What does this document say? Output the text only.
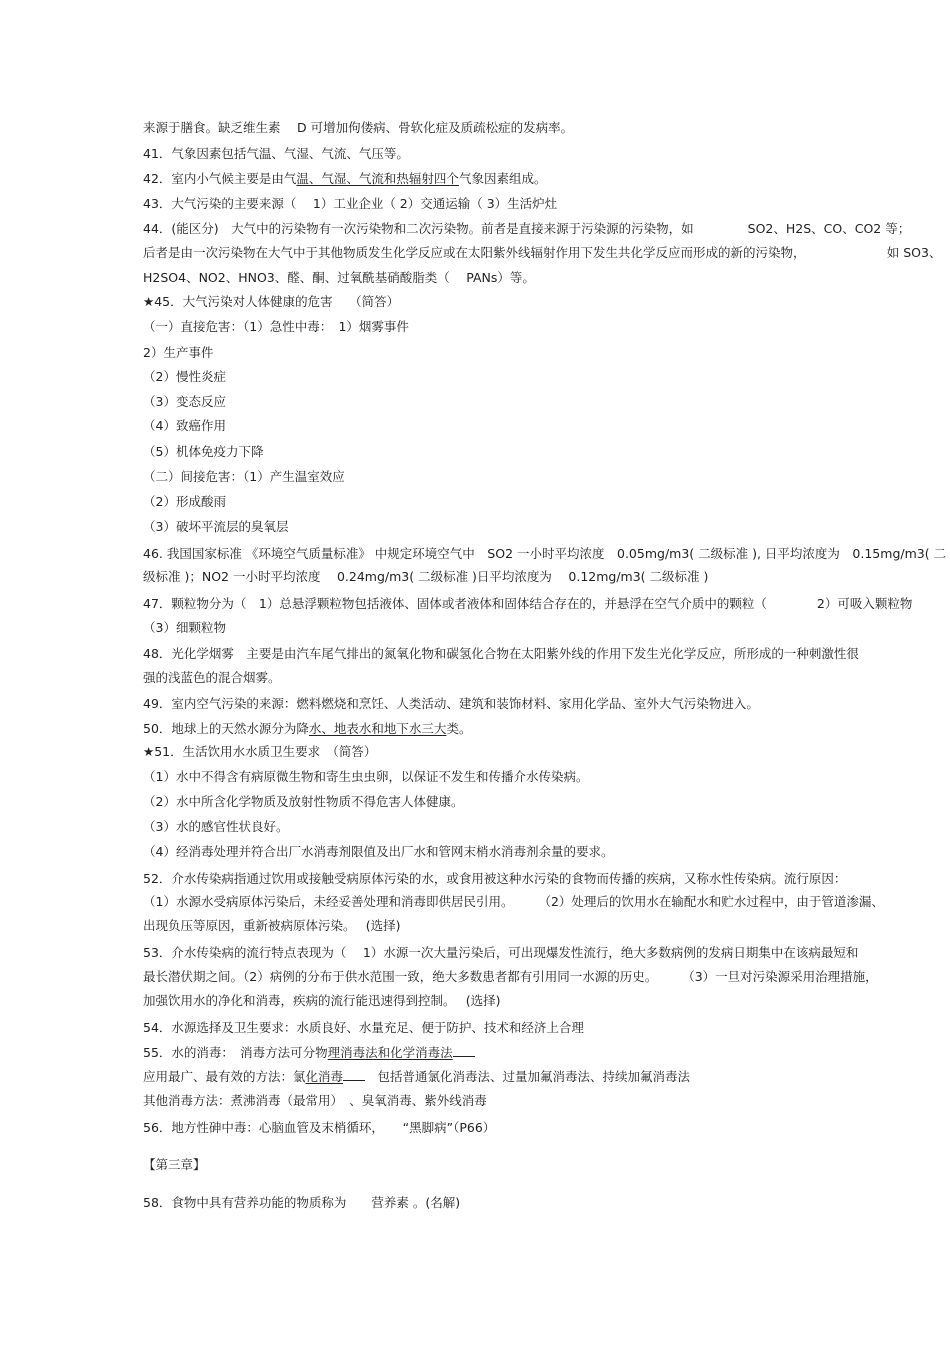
来源于膳食。缺乏维生素　 D 可增加佝偻病、骨软化症及质疏松症的发病率。
41．气象因素包括气温、气湿、气流、气压等。
42．室内小气候主要是由气温、气湿、气流和热辐射四个气象因素组成。
43．大气污染的主要来源（　 1）工业企业（ 2）交通运输（ 3）生活炉灶
44．(能区分)　大气中的污染物有一次污染物和二次污染物。前者是直接来源于污染源的污染物，如　　　　 SO2、H2S、CO、CO2 等；
后者是由一次污染物在大气中于其他物质发生化学反应或在太阳紫外线辐射作用下发生共化学反应而形成的新的污染物，　　　　　　　如 SO3、
H2SO4、NO2、HNO3、醛、酮、过氧酰基硝酸脂类（　 PANs）等。
★45．大气污染对人体健康的危害　 （简答）
（一）直接危害：（1）急性中毒：　1）烟雾事件
2）生产事件
（2）慢性炎症
（3）变态反应
（4）致癌作用
（5）机体免疫力下降
（二）间接危害：（1）产生温室效应
（2）形成酸雨
（3）破坏平流层的臭氧层
46. 我国国家标准 《环境空气质量标准》 中规定环境空气中　SO2 一小时平均浓度　0.05mg/m3( 二级标准 ), 日平均浓度为　0.15mg/m3( 二
级标准 )；NO2 一小时平均浓度　 0.24mg/m3( 二级标准 )日平均浓度为　 0.12mg/m3( 二级标准 )
47．颗粒物分为（　1）总悬浮颗粒物包括液体、固体或者液体和固体结合存在的，并悬浮在空气介质中的颗粒（　　　　2）可吸入颗粒物
（3）细颗粒物
48．光化学烟雾　主要是由汽车尾气排出的氮氧化物和碳氢化合物在太阳紫外线的作用下发生光化学反应，所形成的一种刺激性很
强的浅蓝色的混合烟雾。
49．室内空气污染的来源：燃料燃烧和烹饪、人类活动、建筑和装饰材料、家用化学品、室外大气污染物进入。
50．地球上的天然水源分为降水、地表水和地下水三大类。
★51．生活饮用水水质卫生要求　（简答）
（1）水中不得含有病原微生物和寄生虫虫卵，以保证不发生和传播介水传染病。
（2）水中所含化学物质及放射性物质不得危害人体健康。
（3）水的感官性状良好。
（4）经消毒处理并符合出厂水消毒剂限值及出厂水和管网末梢水消毒剂余量的要求。
52．介水传染病指通过饮用或接触受病原体污染的水，或食用被这种水污染的食物而传播的疾病，又称水性传染病。流行原因：
（1）水源水受病原体污染后，未经妥善处理和消毒即供居民引用。　　　（2）处理后的饮用水在输配水和贮水过程中，由于管道渗漏、
出现负压等原因，重新被病原体污染。　 (选择)
53．介水传染病的流行特点表现为（　 1）水源一次大量污染后，可出现爆发性流行，绝大多数病例的发病日期集中在该病最短和
最长潜伏期之间。（2）病例的分布于供水范围一致，绝大多数患者都有引用同一水源的历史。　　　（3）一旦对污染源采用治理措施，
加强饮用水的净化和消毒，疾病的流行能迅速得到控制。　 (选择)
54．水源选择及卫生要求：水质良好、水量充足、便于防护、技术和经济上合理
55．水的消毒：　消毒方法可分物理消毒法和化学消毒法
应用最广、最有效的方法：氯化消毒　	包括普通氯化消毒法、过量加氟消毒法、持续加氟消毒法
其他消毒方法：煮沸消毒（最常用）　、臭氧消毒、紫外线消毒
56．地方性砷中毒：心脑血管及末梢循环，　　“黑脚病”（P66）
【第三章】
58．食物中具有营养功能的物质称为　　营养素 。(名解)
